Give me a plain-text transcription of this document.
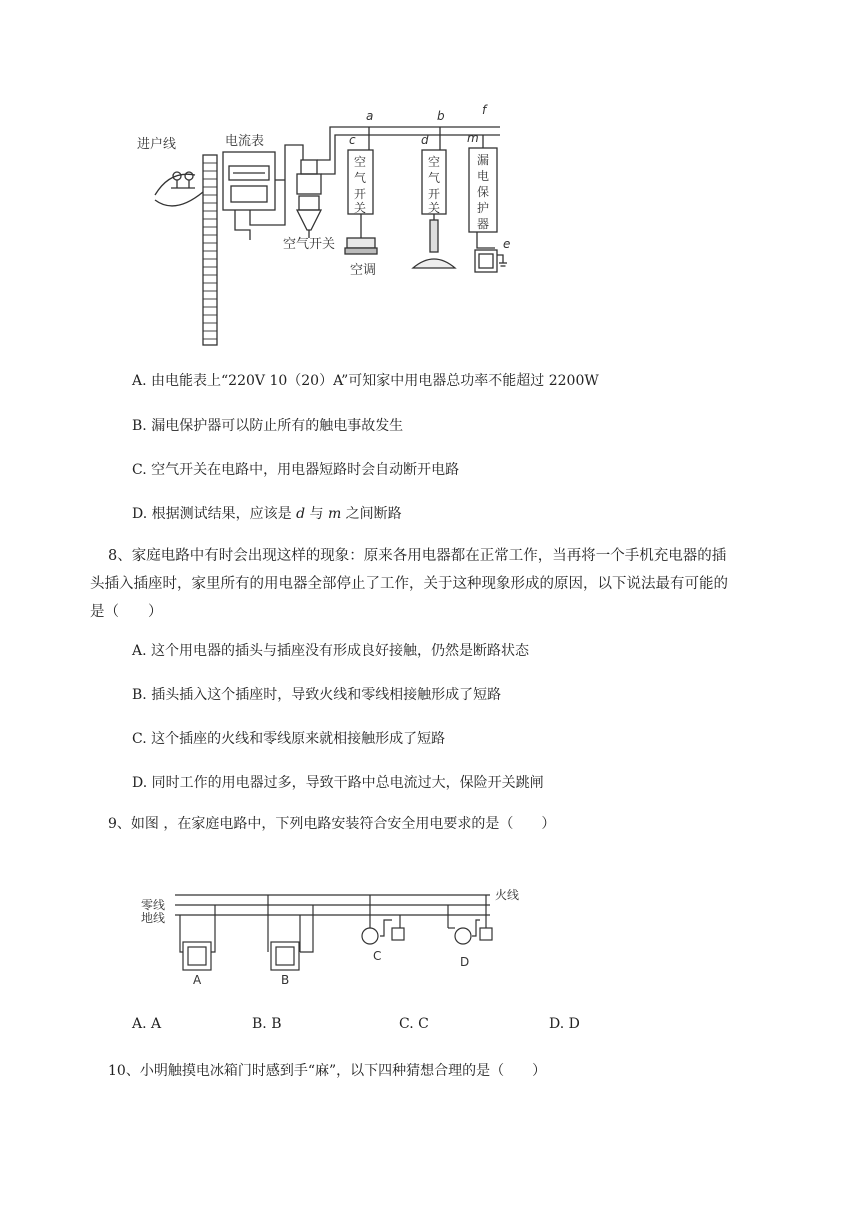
进户线	电流表
空气开关
空调
空
气
开
关
空
气
开
关
漏
电
保
护
器
a	b
c	d
e
f
m
A. 由电能表上“220V 10（20）A”可知家中用电器总功率不能超过 2200W
B. 漏电保护器可以防止所有的触电事故发生
C. 空气开关在电路中，用电器短路时会自动断开电路
D. 根据测试结果，应该是 d 与 m 之间断路
8、家庭电路中有时会出现这样的现象：原来各用电器都在正常工作，当再将一个手机充电器的插
头插入插座时，家里所有的用电器全部停止了工作，关于这种现象形成的原因，以下说法最有可能的
是（　　）
A. 这个用电器的插头与插座没有形成良好接触，仍然是断路状态
B. 插头插入这个插座时，导致火线和零线相接触形成了短路
C. 这个插座的火线和零线原来就相接触形成了短路
D. 同时工作的用电器过多，导致干路中总电流过大，保险开关跳闸
9、如图 ，在家庭电路中，下列电路安装符合安全用电要求的是（　　）
火线
零线
地线
A	B
C	D
A. A	B. B	C. C	D. D
10、小明触摸电冰箱门时感到手“麻”，以下四种猜想合理的是（　　）
